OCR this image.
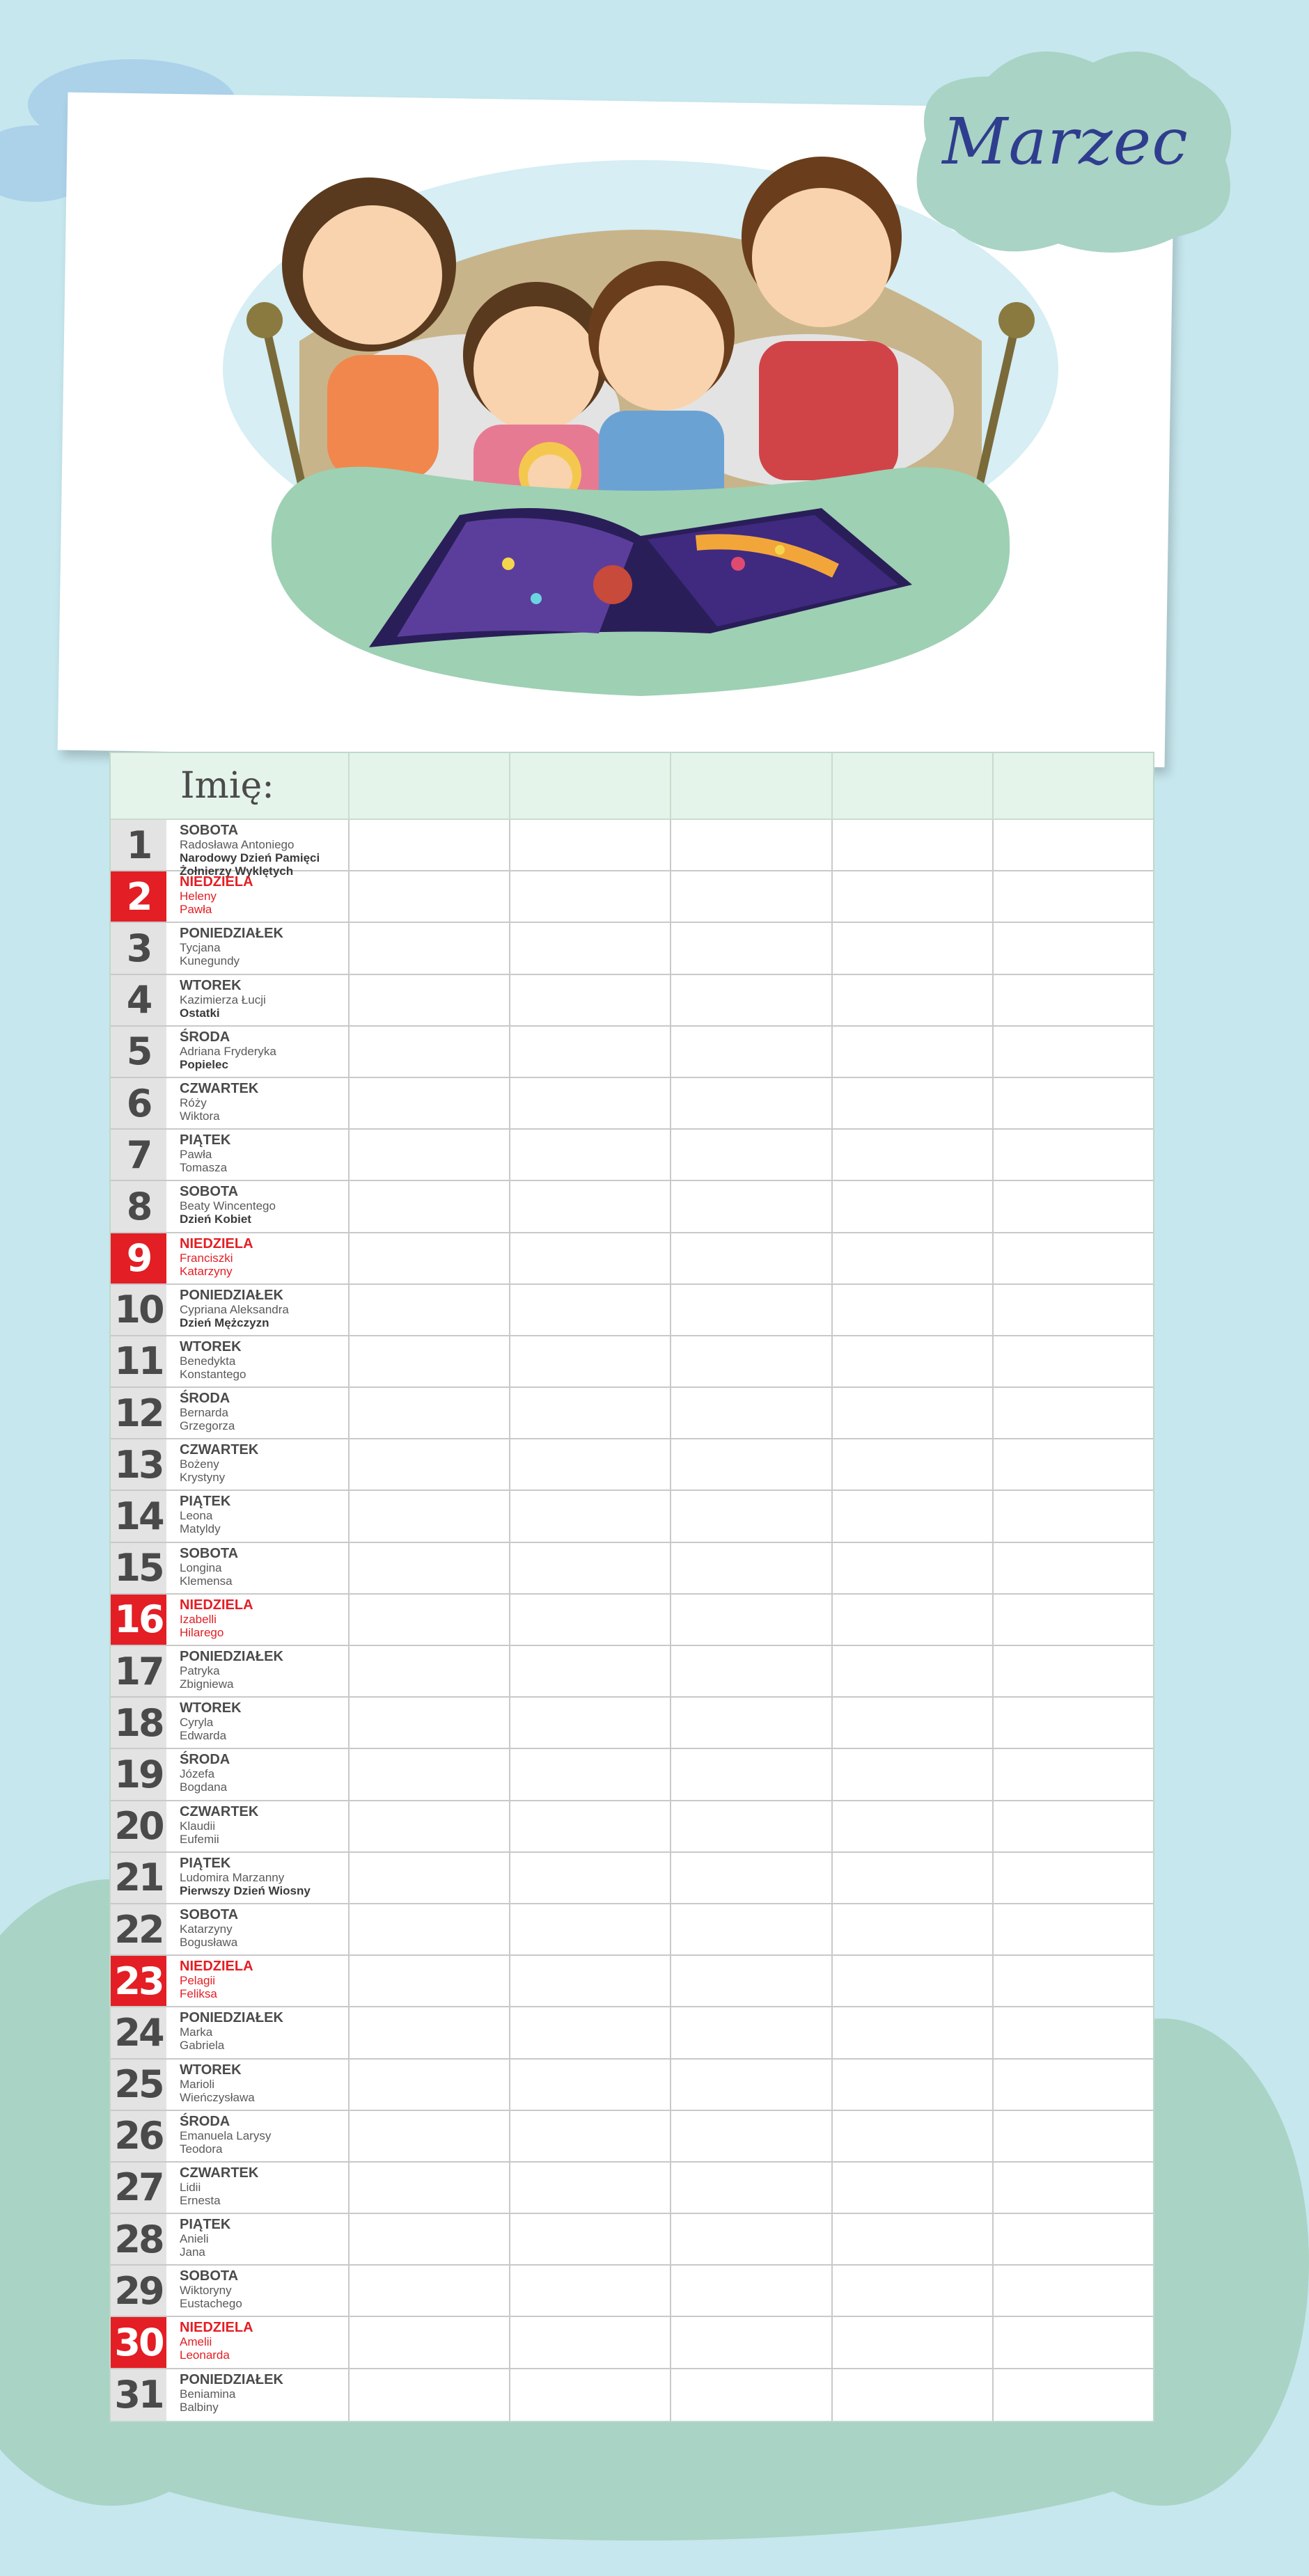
Marzec
Imię:
1	SOBOTA
Radosława Antoniego
Narodowy Dzień Pamięci Żołnierzy Wyklętych
2	NIEDZIELA
Heleny
Pawła
3	PONIEDZIAŁEK
Tycjana
Kunegundy
4	WTOREK
Kazimierza Łucji
Ostatki
5	ŚRODA
Adriana Fryderyka
Popielec
6	CZWARTEK
Róży
Wiktora
7	PIĄTEK
Pawła
Tomasza
8	SOBOTA
Beaty Wincentego
Dzień Kobiet
9	NIEDZIELA
Franciszki
Katarzyny
10 PONIEDZIAŁEK
Cypriana Aleksandra
Dzień Mężczyzn
11 WTOREK
Benedykta
Konstantego
12 ŚRODA
Bernarda
Grzegorza
13 CZWARTEK
Bożeny
Krystyny
14 PIĄTEK
Leona
Matyldy
15 SOBOTA
Longina
Klemensa
16 NIEDZIELA
Izabelli
Hilarego
17 PONIEDZIAŁEK
Patryka
Zbigniewa
18 WTOREK
Cyryla
Edwarda
19 ŚRODA
Józefa
Bogdana
20 CZWARTEK
Klaudii
Eufemii
21 PIĄTEK
Ludomira Marzanny
Pierwszy Dzień Wiosny
22 SOBOTA
Katarzyny
Bogusława
23 NIEDZIELA
Pelagii
Feliksa
24 PONIEDZIAŁEK
Marka
Gabriela
25 WTOREK
Marioli
Wieńczysława
26 ŚRODA
Emanuela Larysy
Teodora
27 CZWARTEK
Lidii
Ernesta
28 PIĄTEK
Anieli
Jana
29 SOBOTA
Wiktoryny
Eustachego
30 NIEDZIELA
Amelii
Leonarda
31 PONIEDZIAŁEK
Beniamina
Balbiny
